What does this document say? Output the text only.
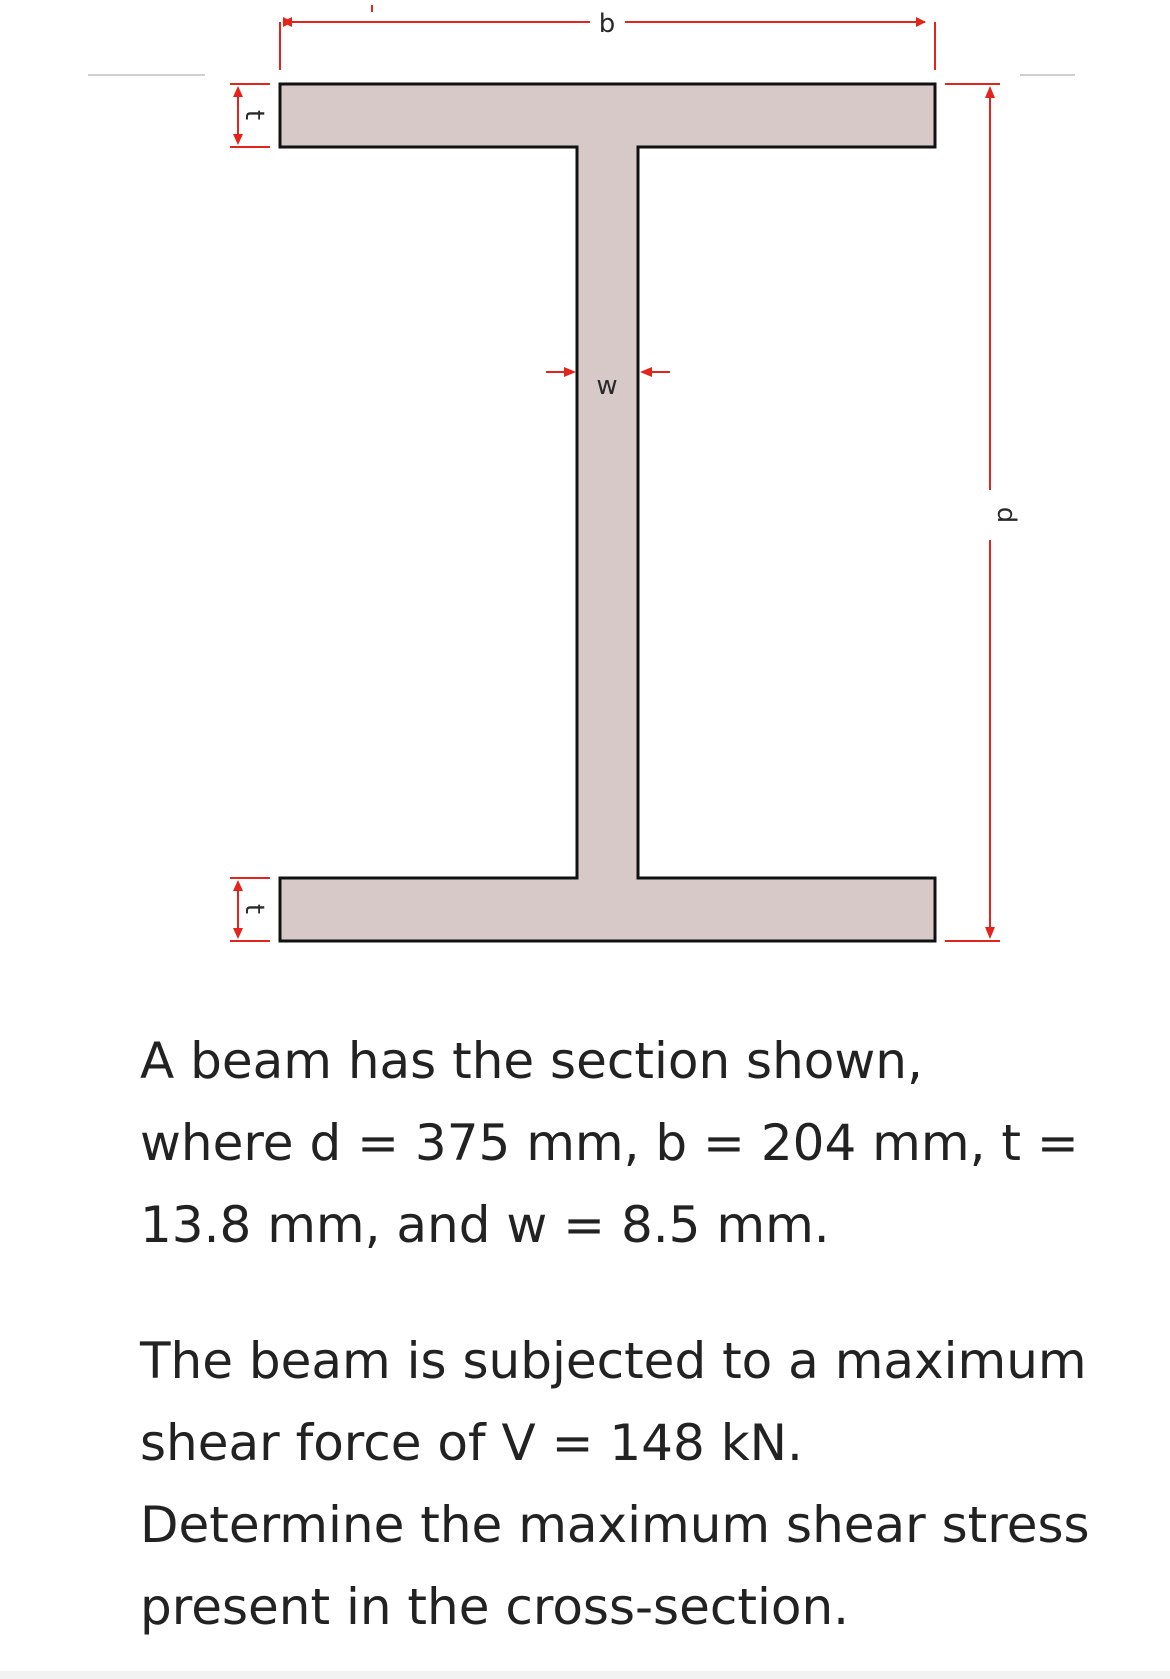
b
d
t
t
w

A beam has the section shown,
where d = 375 mm, b = 204 mm, t =
13.8 mm, and w = 8.5 mm.

The beam is subjected to a maximum
shear force of V = 148 kN.
Determine the maximum shear stress
present in the cross-section.
